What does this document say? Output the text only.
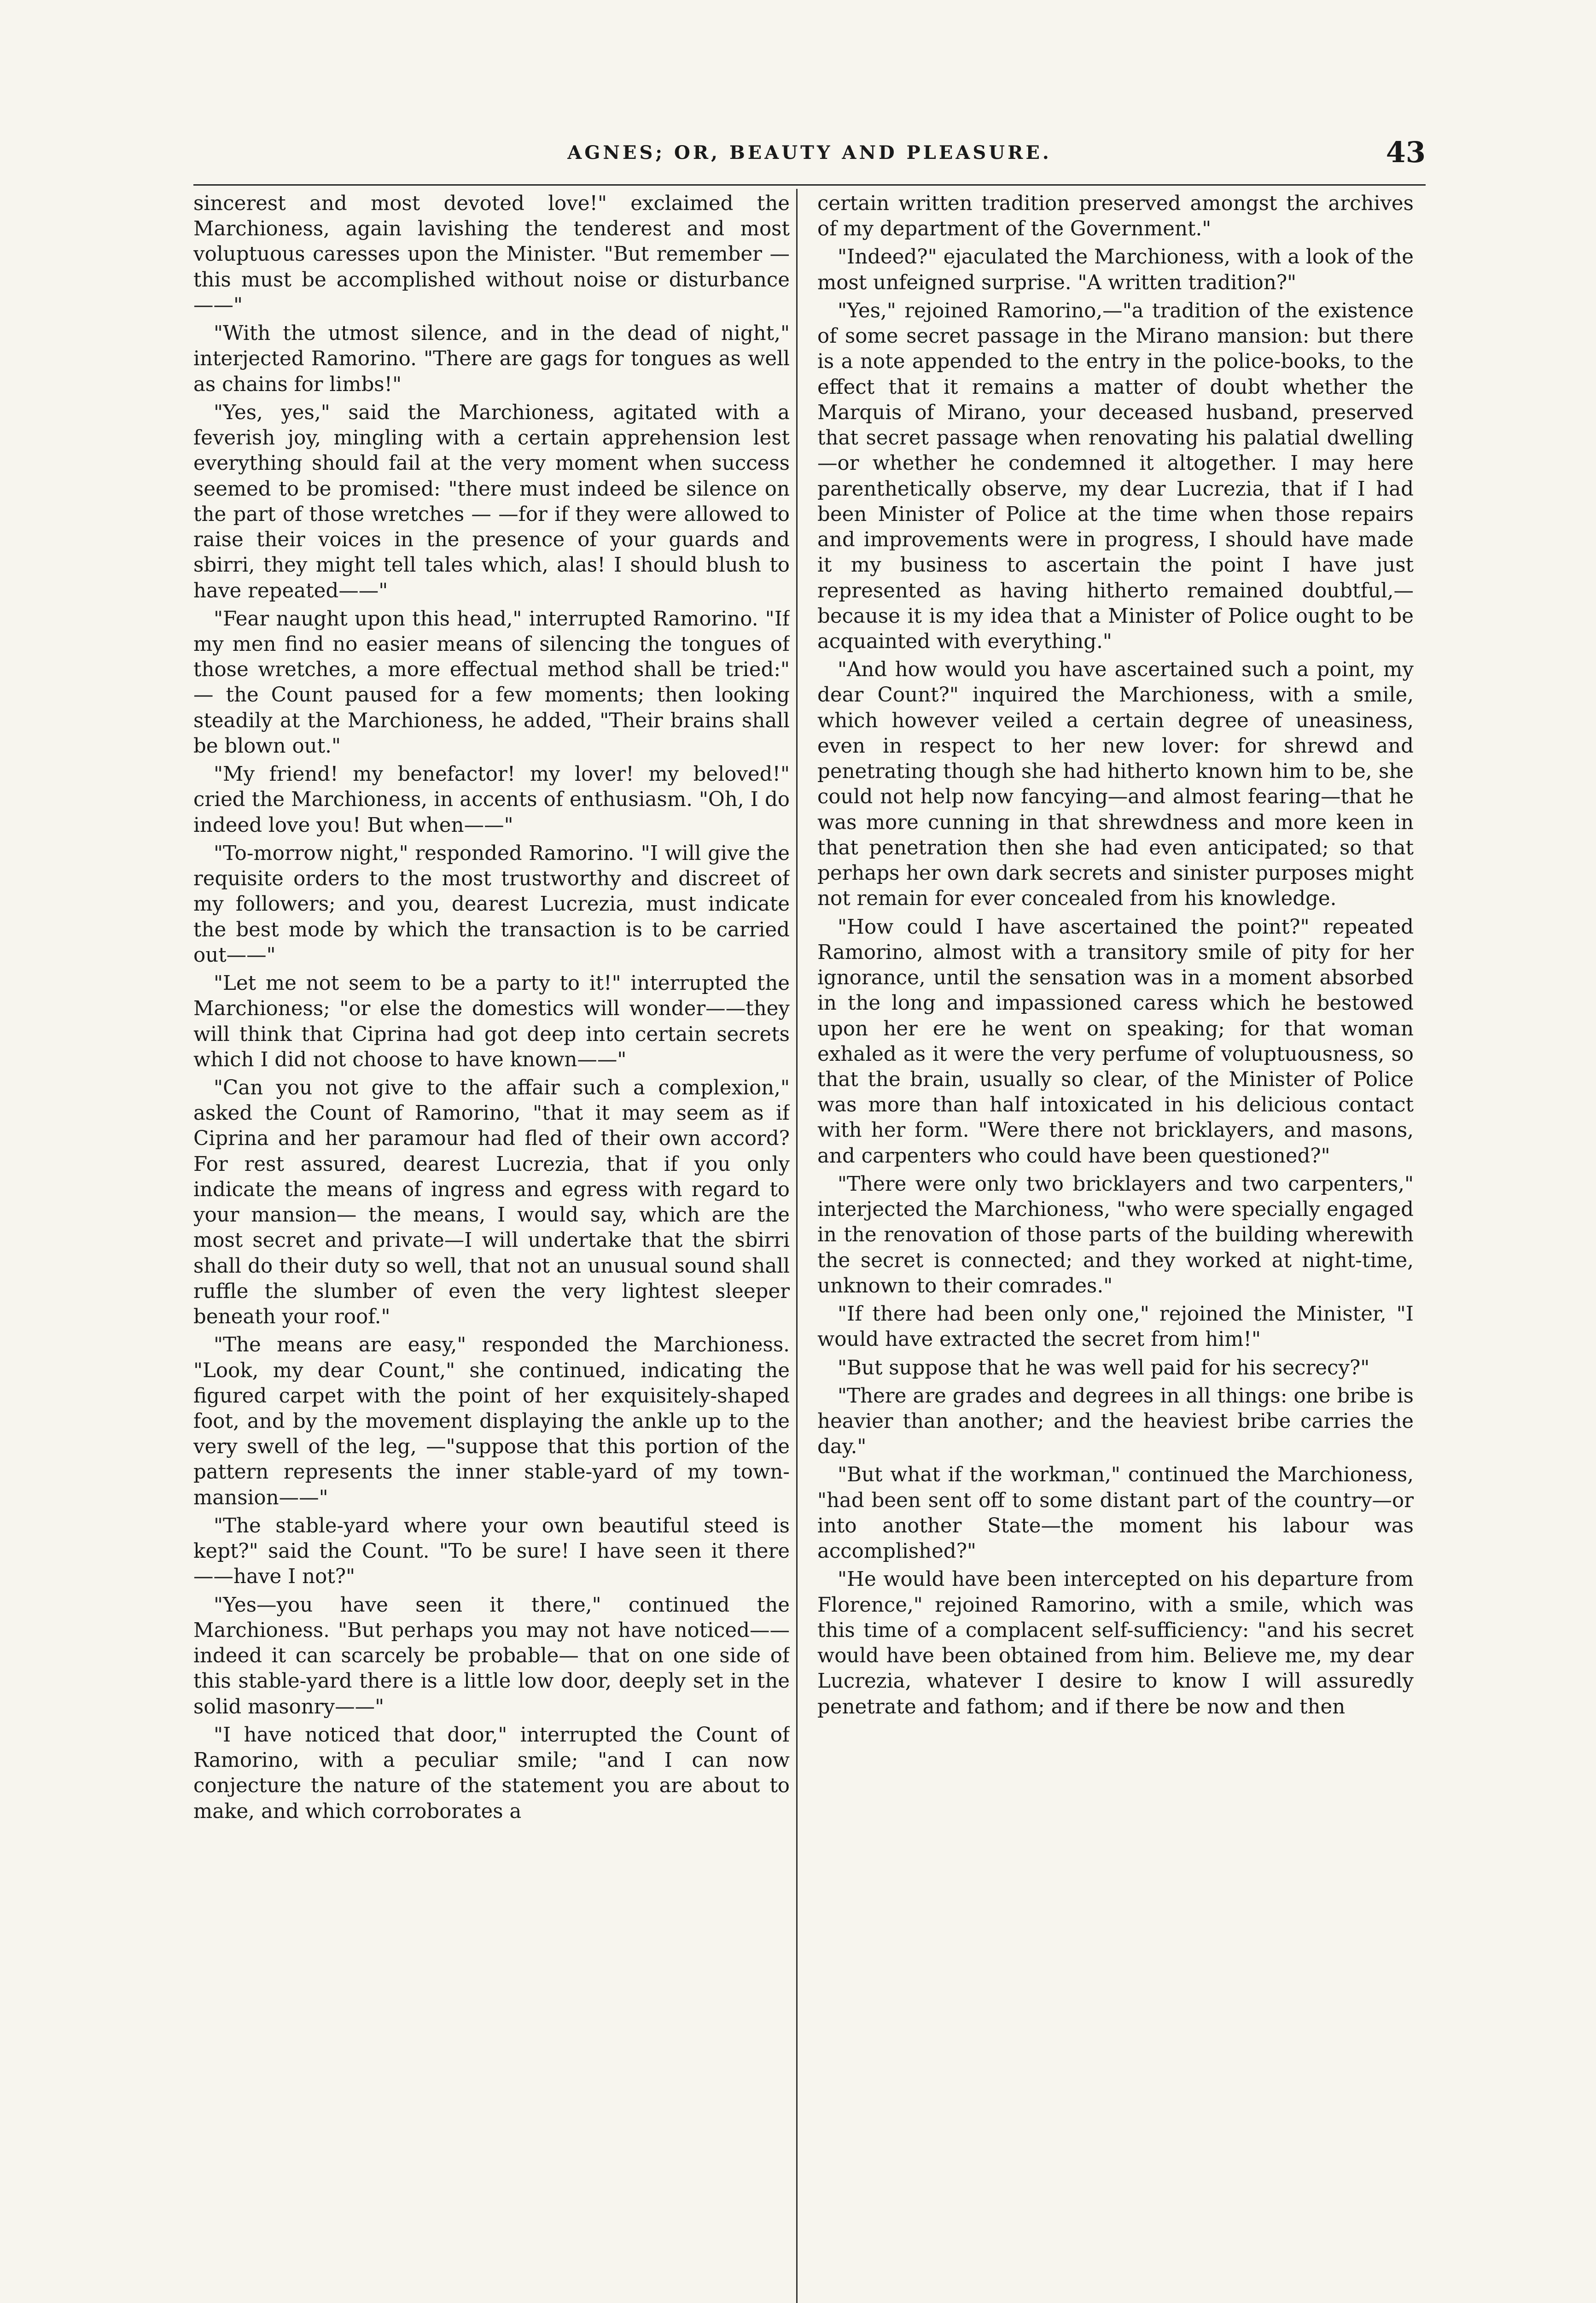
AGNES; OR, BEAUTY AND PLEASURE.	43

sincerest and most devoted love!" exclaimed the Marchioness, again lavishing the tenderest and most voluptuous caresses upon the Minister. "But remember — this must be accomplished without noise or disturbance——"

"With the utmost silence, and in the dead of night," interjected Ramorino. "There are gags for tongues as well as chains for limbs!"

"Yes, yes," said the Marchioness, agitated with a feverish joy, mingling with a certain apprehension lest everything should fail at the very moment when success seemed to be promised: "there must indeed be silence on the part of those wretches — —for if they were allowed to raise their voices in the presence of your guards and sbirri, they might tell tales which, alas! I should blush to have repeated——"

"Fear naught upon this head," interrupted Ramorino. "If my men find no easier means of silencing the tongues of those wretches, a more effectual method shall be tried:" — the Count paused for a few moments; then looking steadily at the Marchioness, he added, "Their brains shall be blown out."

"My friend! my benefactor! my lover! my beloved!" cried the Marchioness, in accents of enthusiasm. "Oh, I do indeed love you! But when——"

"To-morrow night," responded Ramorino. "I will give the requisite orders to the most trustworthy and discreet of my followers; and you, dearest Lucrezia, must indicate the best mode by which the transaction is to be carried out——"

"Let me not seem to be a party to it!" interrupted the Marchioness; "or else the domestics will wonder——they will think that Ciprina had got deep into certain secrets which I did not choose to have known——"

"Can you not give to the affair such a complexion," asked the Count of Ramorino, "that it may seem as if Ciprina and her paramour had fled of their own accord? For rest assured, dearest Lucrezia, that if you only indicate the means of ingress and egress with regard to your mansion— the means, I would say, which are the most secret and private—I will undertake that the sbirri shall do their duty so well, that not an unusual sound shall ruffle the slumber of even the very lightest sleeper beneath your roof."

"The means are easy," responded the Marchioness. "Look, my dear Count," she continued, indicating the figured carpet with the point of her exquisitely-shaped foot, and by the movement displaying the ankle up to the very swell of the leg, —"suppose that this portion of the pattern represents the inner stable-yard of my town-mansion——"

"The stable-yard where your own beautiful steed is kept?" said the Count. "To be sure! I have seen it there——have I not?"

"Yes—you have seen it there," continued the Marchioness. "But perhaps you may not have noticed——indeed it can scarcely be probable— that on one side of this stable-yard there is a little low door, deeply set in the solid masonry——"

"I have noticed that door," interrupted the Count of Ramorino, with a peculiar smile; "and I can now conjecture the nature of the statement you are about to make, and which corroborates a

certain written tradition preserved amongst the archives of my department of the Government."

"Indeed?" ejaculated the Marchioness, with a look of the most unfeigned surprise. "A written tradition?"

"Yes," rejoined Ramorino,—"a tradition of the existence of some secret passage in the Mirano mansion: but there is a note appended to the entry in the police-books, to the effect that it remains a matter of doubt whether the Marquis of Mirano, your deceased husband, preserved that secret passage when renovating his palatial dwelling—or whether he condemned it altogether. I may here parenthetically observe, my dear Lucrezia, that if I had been Minister of Police at the time when those repairs and improvements were in progress, I should have made it my business to ascertain the point I have just represented as having hitherto remained doubtful,—because it is my idea that a Minister of Police ought to be acquainted with everything."

"And how would you have ascertained such a point, my dear Count?" inquired the Marchioness, with a smile, which however veiled a certain degree of uneasiness, even in respect to her new lover: for shrewd and penetrating though she had hitherto known him to be, she could not help now fancying—and almost fearing—that he was more cunning in that shrewdness and more keen in that penetration then she had even anticipated; so that perhaps her own dark secrets and sinister purposes might not remain for ever concealed from his knowledge.

"How could I have ascertained the point?" repeated Ramorino, almost with a transitory smile of pity for her ignorance, until the sensation was in a moment absorbed in the long and impassioned caress which he bestowed upon her ere he went on speaking; for that woman exhaled as it were the very perfume of voluptuousness, so that the brain, usually so clear, of the Minister of Police was more than half intoxicated in his delicious contact with her form. "Were there not bricklayers, and masons, and carpenters who could have been questioned?"

"There were only two bricklayers and two carpenters," interjected the Marchioness, "who were specially engaged in the renovation of those parts of the building wherewith the secret is connected; and they worked at night-time, unknown to their comrades."

"If there had been only one," rejoined the Minister, "I would have extracted the secret from him!"

"But suppose that he was well paid for his secrecy?"

"There are grades and degrees in all things: one bribe is heavier than another; and the heaviest bribe carries the day."

"But what if the workman," continued the Marchioness, "had been sent off to some distant part of the country—or into another State—the moment his labour was accomplished?"

"He would have been intercepted on his departure from Florence," rejoined Ramorino, with a smile, which was this time of a complacent self-sufficiency: "and his secret would have been obtained from him. Believe me, my dear Lucrezia, whatever I desire to know I will assuredly penetrate and fathom; and if there be now and then
